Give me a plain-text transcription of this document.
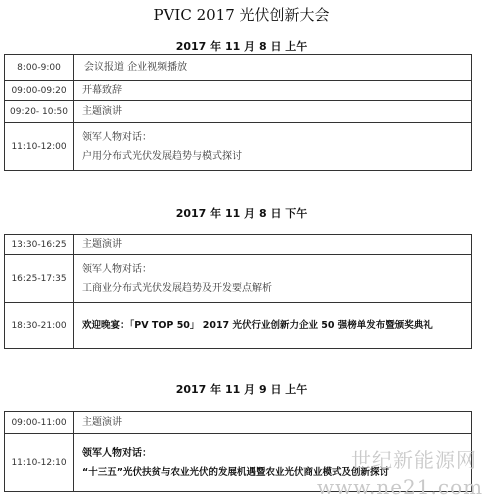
PVIC 2017 光伏创新大会
2017 年 11 月 8 日 上午
8:00-9:00	会议报道 企业视频播放

09:00-09:20	开幕致辞

09:20- 10:50	主题演讲

11:10-12:00	领军人物对话：
户用分布式光伏发展趋势与模式探讨
2017 年 11 月 8 日 下午
13:30-16:25	主题演讲

16:25-17:35	领军人物对话：
工商业分布式光伏发展趋势及开发要点解析

18:30-21:00	欢迎晚宴：「PV TOP 50」 2017 光伏行业创新力企业 50 强榜单发布暨颁奖典礼
2017 年 11 月 9 日 上午
09:00-11:00	主题演讲

11:10-12:10	领军人物对话：
“十三五”光伏扶贫与农业光伏的发展机遇暨农业光伏商业模式及创新探讨
世纪新能源网
www.ne21.com
